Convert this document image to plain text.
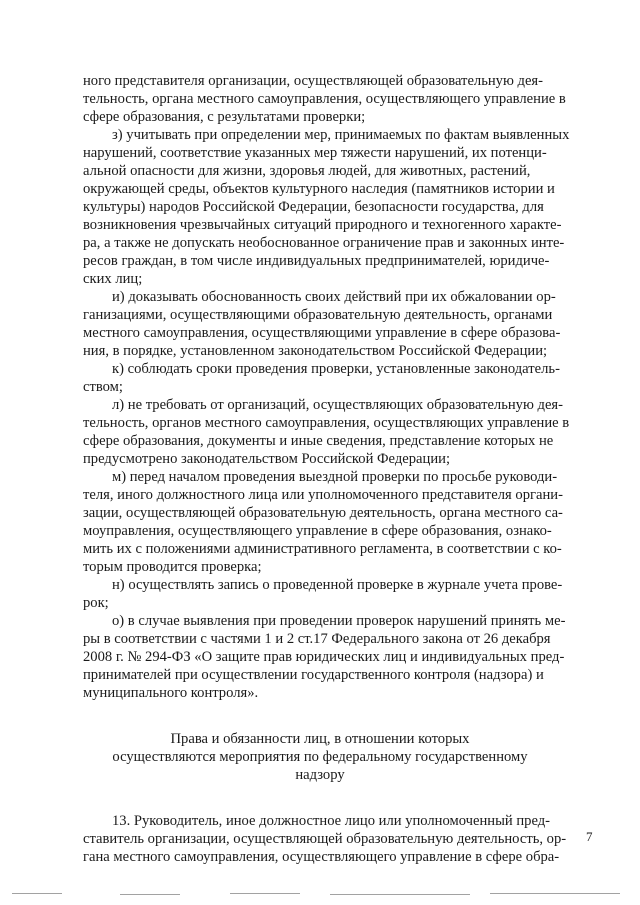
ного представителя организации, осуществляющей образовательную дея-
тельность, органа местного самоуправления, осуществляющего управление в
сфере образования, с результатами проверки;
з) учитывать при определении мер, принимаемых по фактам выявленных
нарушений, соответствие указанных мер тяжести нарушений, их потенци-
альной опасности для жизни, здоровья людей, для животных, растений,
окружающей среды, объектов культурного наследия (памятников истории и
культуры) народов Российской Федерации, безопасности государства, для
возникновения чрезвычайных ситуаций природного и техногенного характе-
ра, а также не допускать необоснованное ограничение прав и законных инте-
ресов граждан, в том числе индивидуальных предпринимателей, юридиче-
ских лиц;
и) доказывать обоснованность своих действий при их обжаловании ор-
ганизациями, осуществляющими образовательную деятельность, органами
местного самоуправления, осуществляющими управление в сфере образова-
ния, в порядке, установленном законодательством Российской Федерации;
к) соблюдать сроки проведения проверки, установленные законодатель-
ством;
л) не требовать от организаций, осуществляющих образовательную дея-
тельность, органов местного самоуправления, осуществляющих управление в
сфере образования, документы и иные сведения, представление которых не
предусмотрено законодательством Российской Федерации;
м) перед началом проведения выездной проверки по просьбе руководи-
теля, иного должностного лица или уполномоченного представителя органи-
зации, осуществляющей образовательную деятельность, органа местного са-
моуправления, осуществляющего управление в сфере образования, ознако-
мить их с положениями административного регламента, в соответствии с ко-
торым проводится проверка;
н) осуществлять запись о проведенной проверке в журнале учета прове-
рок;
о) в случае выявления при проведении проверок нарушений принять ме-
ры в соответствии с частями 1 и 2 ст.17 Федерального закона от 26 декабря
2008 г. № 294-ФЗ «О защите прав юридических лиц и индивидуальных пред-
принимателей при осуществлении государственного контроля (надзора) и
муниципального контроля».
Права и обязанности лиц, в отношении которых
осуществляются мероприятия по федеральному государственному
надзору
13. Руководитель, иное должностное лицо или уполномоченный пред-
ставитель организации, осуществляющей образовательную деятельность, ор-
гана местного самоуправления, осуществляющего управление в сфере обра-
7
